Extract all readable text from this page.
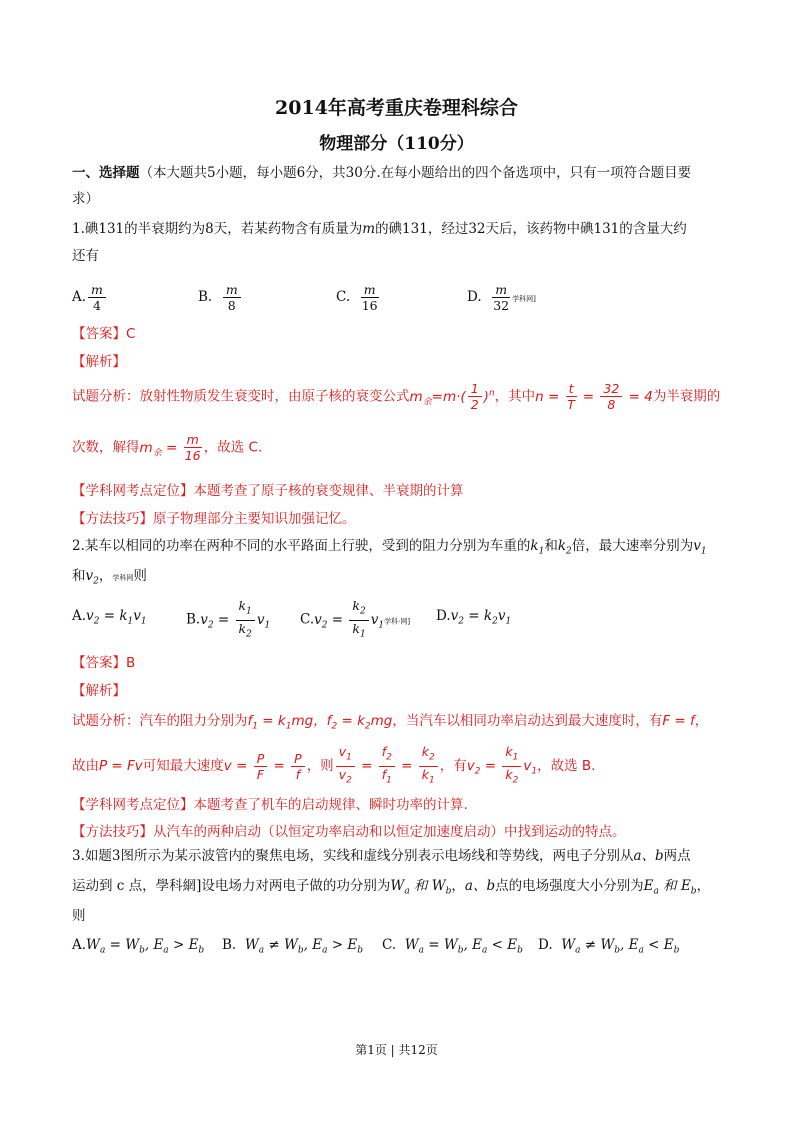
2014年高考重庆卷理科综合
物理部分（110分）
一、选择题（本大题共5小题，每小题6分，共30分.在每小题给出的四个备选项中，只有一项符合题目要
求）
1.碘131的半衰期约为8天，若某药物含有质量为m的碘131，经过32天后，该药物中碘131的含量大约
还有
A. $\frac{m}{4}$	B. $\frac{m}{8}$	C. $\frac{m}{16}$	D. $\frac{m}{32}$ 学科网]
【答案】C
【解析】
试题分析：放射性物质发生衰变时，由原子核的衰变公式$m_余=m\cdot( \frac{1}{2} )^n$，其中$n = \frac{t}{T} = \frac{32}{8} = 4$为半衰期的
次数，解得$m_余 = \frac{m}{16}$ ，故选 C.
【学科网考点定位】本题考查了原子核的衰变规律、半衰期的计算
【方法技巧】原子物理部分主要知识加强记忆。
2.某车以相同的功率在两种不同的水平路面上行驶，受到的阻力分别为车重的$k_1$和$k_2$倍，最大速率分别为$v_1$
和$v_2$，学科网则
$A.v_2 = k_1v_1$	$B.v_2 = \frac{k_1}{k_2} v_1$ $C.v_2 = \frac{k_2}{k_1} v_1$学科·网] $D.v_2 = k_2v_1$
【答案】B
【解析】
试题分析：汽车的阻力分别为$f_1 = k_1mg$，$f_2 = k_2mg$，当汽车以相同功率启动达到最大速度时，有F = f，
故由P = Fv可知最大速度$v = \frac{P}{F} = \frac{P}{f}$ ，则 $\frac{v_1}{v_2} = \frac{f_2}{f_1} = \frac{k_2}{k_1}$ ，有$v_2 = \frac{k_1}{k_2} v_1$，故选 B.
【学科网考点定位】本题考查了机车的启动规律、瞬时功率的计算.
【方法技巧】从汽车的两种启动（以恒定功率启动和以恒定加速度启动）中找到运动的特点。
3.如题3图所示为某示波管内的聚焦电场，实线和虚线分别表示电场线和等势线，两电子分别从a、b两点
运动到 c 点，學科網]设电场力对两电子做的功分别为$W_a$ 和 $W_b$，a、b点的电场强度大小分别为$E_a$ 和 $E_b$，
则
$A.W_a = W_b$, $E_a > E_b$ B. $W_a \ne W_b$, $E_a > E_b$ C. $W_a = W_b$, $E_a < E_b$ D. $W_a \ne W_b$, $E_a < E_b$
第1页 | 共12页
